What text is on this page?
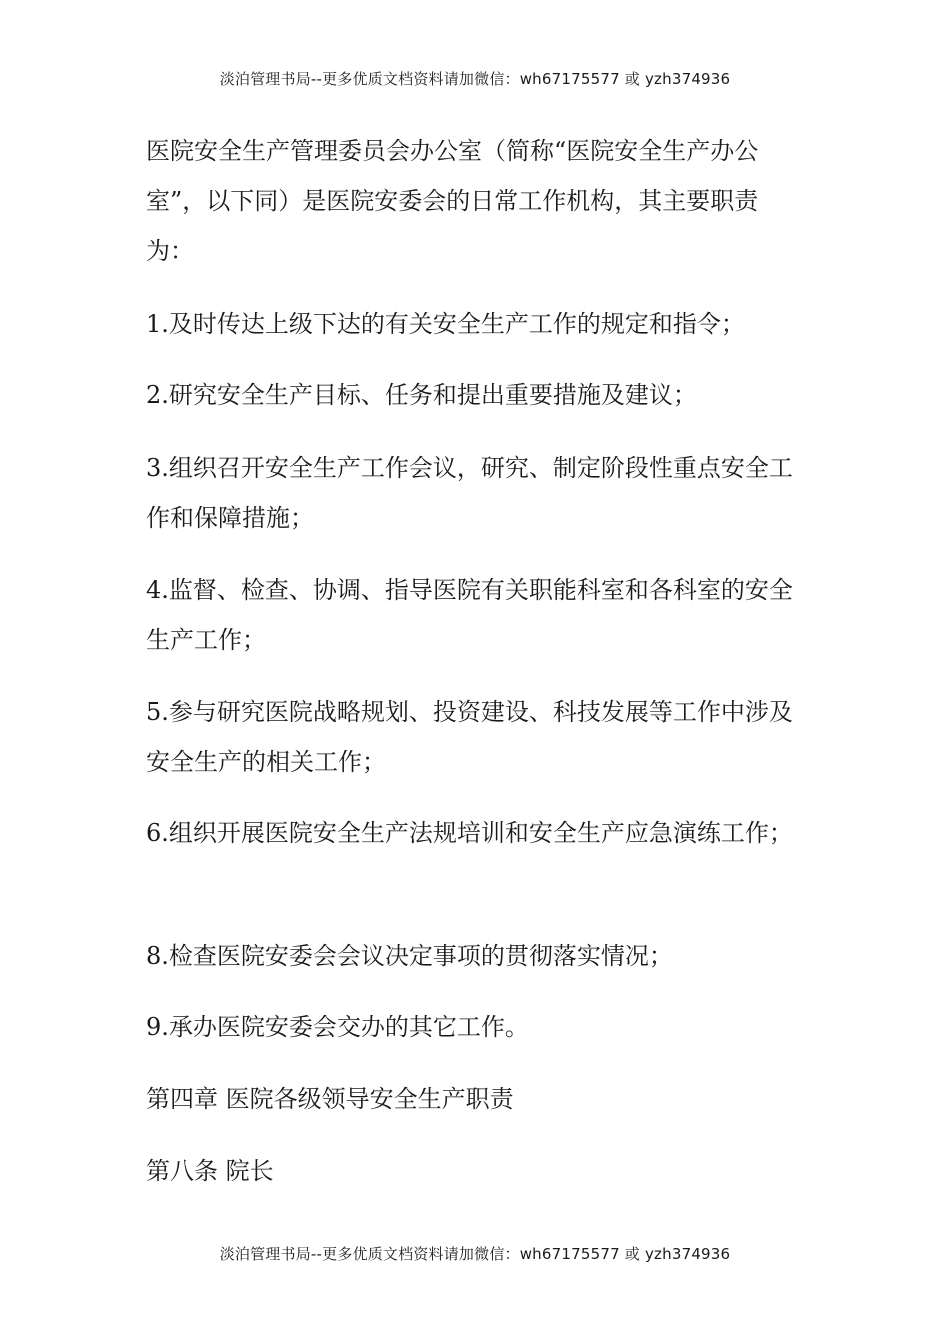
淡泊管理书局--更多优质文档资料请加微信：wh67175577 或 yzh374936

医院安全生产管理委员会办公室（简称“医院安全生产办公室”，以下同）是医院安委会的日常工作机构，其主要职责为：

1.及时传达上级下达的有关安全生产工作的规定和指令；

2.研究安全生产目标、任务和提出重要措施及建议；

3.组织召开安全生产工作会议，研究、制定阶段性重点安全工作和保障措施；

4.监督、检查、协调、指导医院有关职能科室和各科室的安全生产工作；

5.参与研究医院战略规划、投资建设、科技发展等工作中涉及安全生产的相关工作；

6.组织开展医院安全生产法规培训和安全生产应急演练工作；

8.检查医院安委会会议决定事项的贯彻落实情况；

9.承办医院安委会交办的其它工作。

第四章 医院各级领导安全生产职责

第八条 院长

淡泊管理书局--更多优质文档资料请加微信：wh67175577 或 yzh374936
